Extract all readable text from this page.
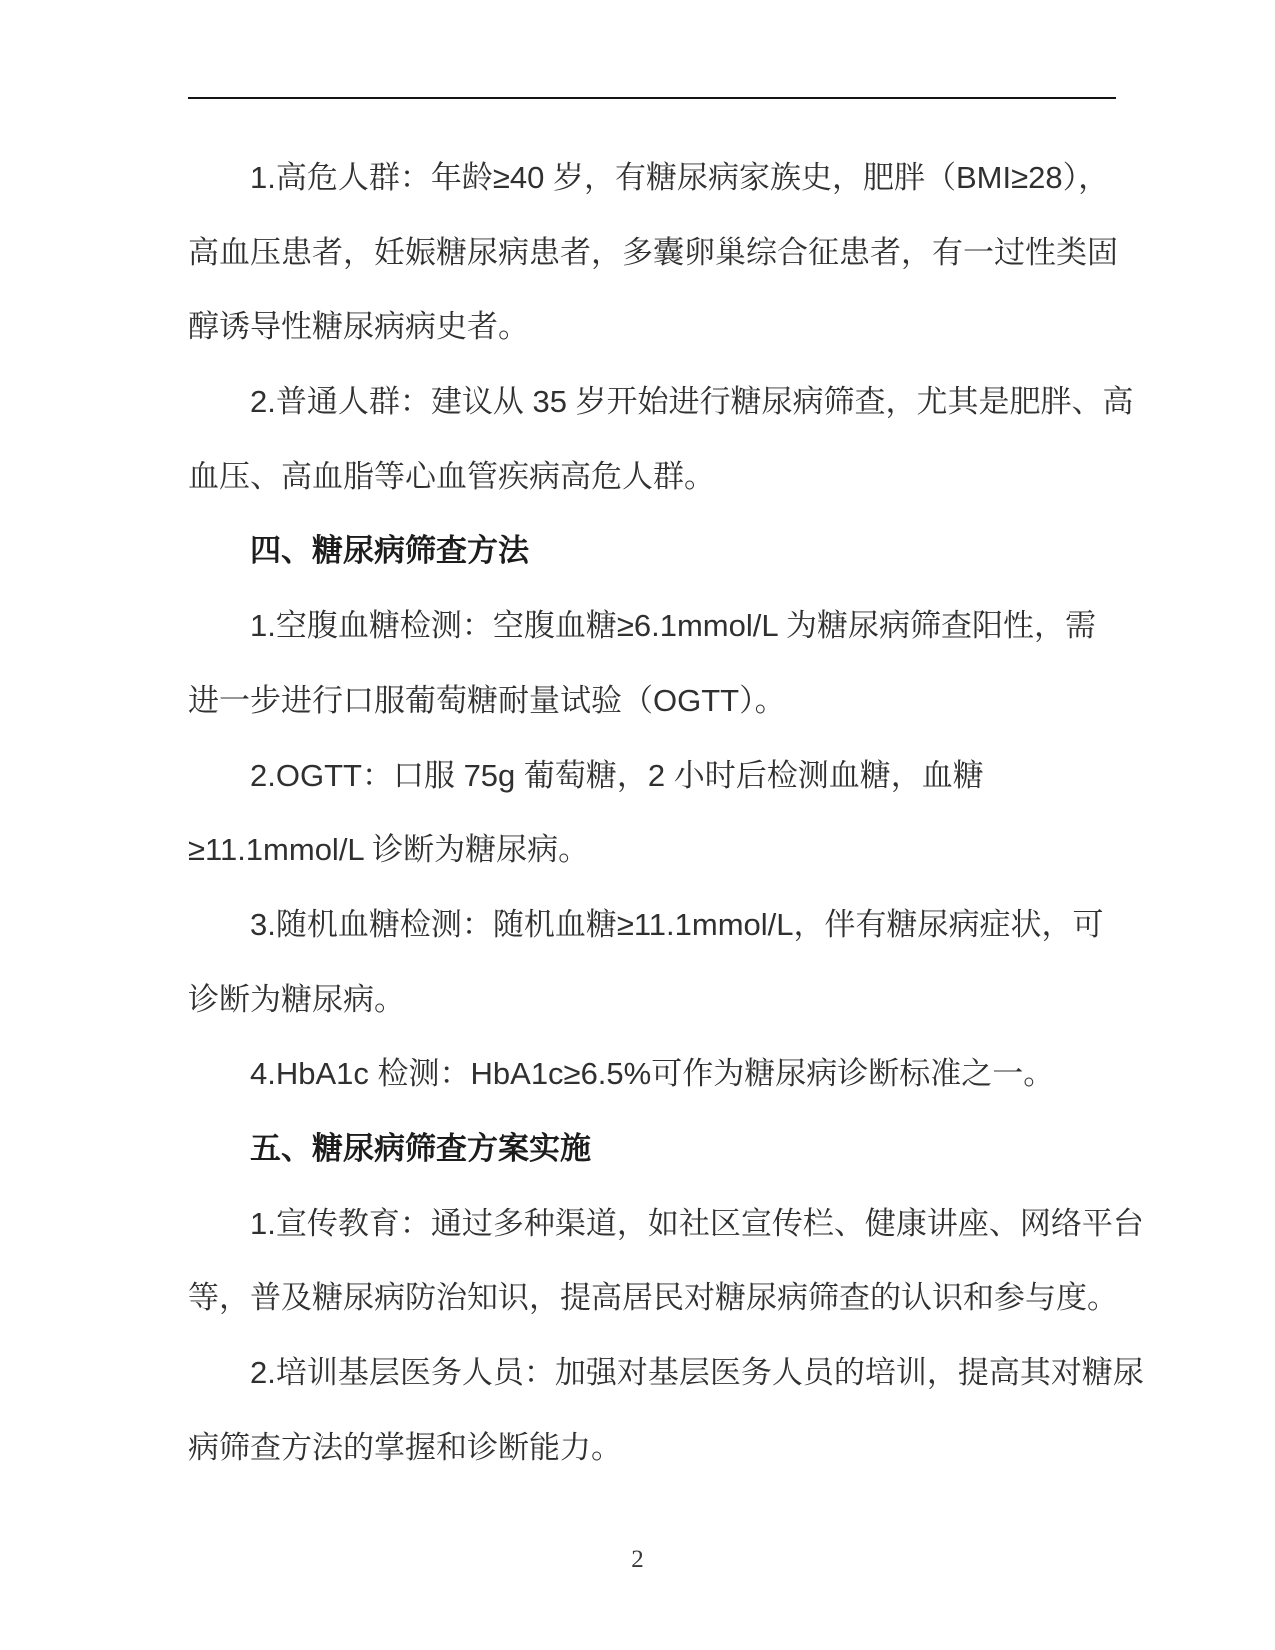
1.高危人群：年龄≥40 岁，有糖尿病家族史，肥胖（BMI≥28），
高血压患者，妊娠糖尿病患者，多囊卵巢综合征患者，有一过性类固
醇诱导性糖尿病病史者。
2.普通人群：建议从 35 岁开始进行糖尿病筛查，尤其是肥胖、高
血压、高血脂等心血管疾病高危人群。
四、糖尿病筛查方法
1.空腹血糖检测：空腹血糖≥6.1mmol/L 为糖尿病筛查阳性，需
进一步进行口服葡萄糖耐量试验（OGTT）。
2.OGTT：口服 75g 葡萄糖，2 小时后检测血糖，血糖
≥11.1mmol/L 诊断为糖尿病。
3.随机血糖检测：随机血糖≥11.1mmol/L，伴有糖尿病症状，可
诊断为糖尿病。
4.HbA1c 检测：HbA1c≥6.5%可作为糖尿病诊断标准之一。
五、糖尿病筛查方案实施
1.宣传教育：通过多种渠道，如社区宣传栏、健康讲座、网络平台
等，普及糖尿病防治知识，提高居民对糖尿病筛查的认识和参与度。
2.培训基层医务人员：加强对基层医务人员的培训，提高其对糖尿
病筛查方法的掌握和诊断能力。
2
